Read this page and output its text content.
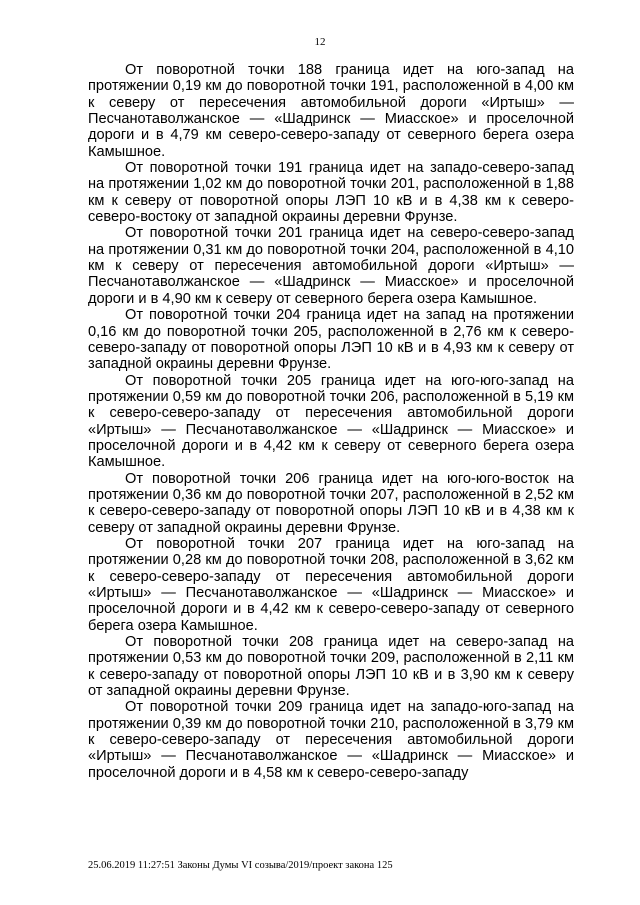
12

От поворотной точки 188 граница идет на юго-запад на протяжении 0,19 км до поворотной точки 191, расположенной в 4,00 км к северу от пересечения автомобильной дороги «Иртыш» — Песчанотаволжанское — «Шадринск — Миасское» и проселочной дороги и в 4,79 км северо-северо-западу от северного берега озера Камышное.

От поворотной точки 191 граница идет на западо-северо-запад на протяжении 1,02 км до поворотной точки 201, расположенной в 1,88 км к северу от поворотной опоры ЛЭП 10 кВ и в 4,38 км к северо-северо-востоку от западной окраины деревни Фрунзе.

От поворотной точки 201 граница идет на северо-северо-запад на протяжении 0,31 км до поворотной точки 204, расположенной в 4,10 км к северу от пересечения автомобильной дороги «Иртыш» — Песчанотаволжанское — «Шадринск — Миасское» и проселочной дороги и в 4,90 км к северу от северного берега озера Камышное.

От поворотной точки 204 граница идет на запад на протяжении 0,16 км до поворотной точки 205, расположенной в 2,76 км к северо-северо-западу от поворотной опоры ЛЭП 10 кВ и в 4,93 км к северу от западной окраины деревни Фрунзе.

От поворотной точки 205 граница идет на юго-юго-запад на протяжении 0,59 км до поворотной точки 206, расположенной в 5,19 км к северо-северо-западу от пересечения автомобильной дороги «Иртыш» — Песчанотаволжанское — «Шадринск — Миасское» и проселочной дороги и в 4,42 км к северу от северного берега озера Камышное.

От поворотной точки 206 граница идет на юго-юго-восток на протяжении 0,36 км до поворотной точки 207, расположенной в 2,52 км к северо-северо-западу от поворотной опоры ЛЭП 10 кВ и в 4,38 км к северу от западной окраины деревни Фрунзе.

От поворотной точки 207 граница идет на юго-запад на протяжении 0,28 км до поворотной точки 208, расположенной в 3,62 км к северо-северо-западу от пересечения автомобильной дороги «Иртыш» — Песчанотаволжанское — «Шадринск — Миасское» и проселочной дороги и в 4,42 км к северо-северо-западу от северного берега озера Камышное.

От поворотной точки 208 граница идет на северо-запад на протяжении 0,53 км до поворотной точки 209, расположенной в 2,11 км к северо-западу от поворотной опоры ЛЭП 10 кВ и в 3,90 км к северу от западной окраины деревни Фрунзе.

От поворотной точки 209 граница идет на западо-юго-запад на протяжении 0,39 км до поворотной точки 210, расположенной в 3,79 км к северо-северо-западу от пересечения автомобильной дороги «Иртыш» — Песчанотаволжанское — «Шадринск — Миасское» и проселочной дороги и в 4,58 км к северо-северо-западу

25.06.2019 11:27:51 Законы Думы VI созыва/2019/проект закона 125
